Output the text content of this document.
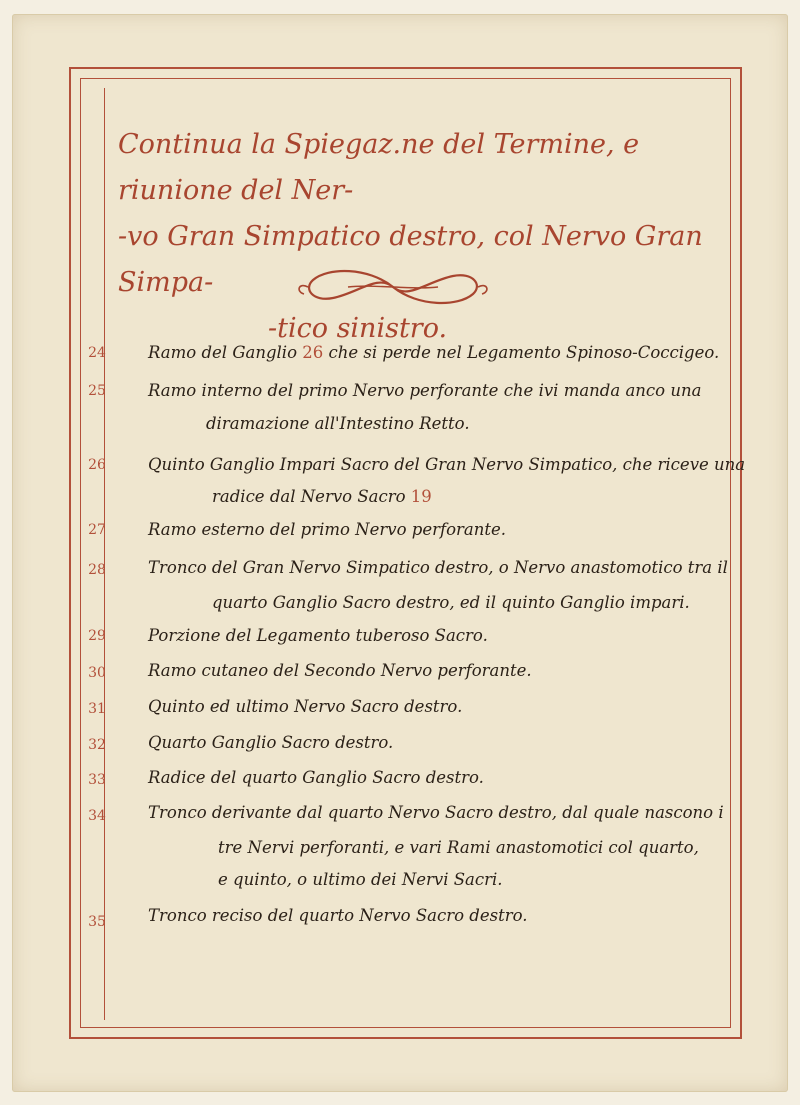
Continua la Spiegaz.ne del Termine, e riunione del Ner-
-vo Gran Simpatico destro, col Nervo Gran Simpa-
-tico sinistro.
24	Ramo del Ganglio 26 che si perde nel Legamento Spinoso-Coccigeo.
25	Ramo interno del primo Nervo perforante che ivi manda anco una
diramazione all'Intestino Retto.
26	Quinto Ganglio Impari Sacro del Gran Nervo Simpatico, che riceve una
radice dal Nervo Sacro 19
27	Ramo esterno del primo Nervo perforante.
28	Tronco del Gran Nervo Simpatico destro, o Nervo anastomotico tra il
quarto Ganglio Sacro destro, ed il quinto Ganglio impari.
29	Porzione del Legamento tuberoso Sacro.
30	Ramo cutaneo del Secondo Nervo perforante.
31	Quinto ed ultimo Nervo Sacro destro.
32	Quarto Ganglio Sacro destro.
33	Radice del quarto Ganglio Sacro destro.
34	Tronco derivante dal quarto Nervo Sacro destro, dal quale nascono i
tre Nervi perforanti, e vari Rami anastomotici col quarto,
e quinto, o ultimo dei Nervi Sacri.
35	Tronco reciso del quarto Nervo Sacro destro.
